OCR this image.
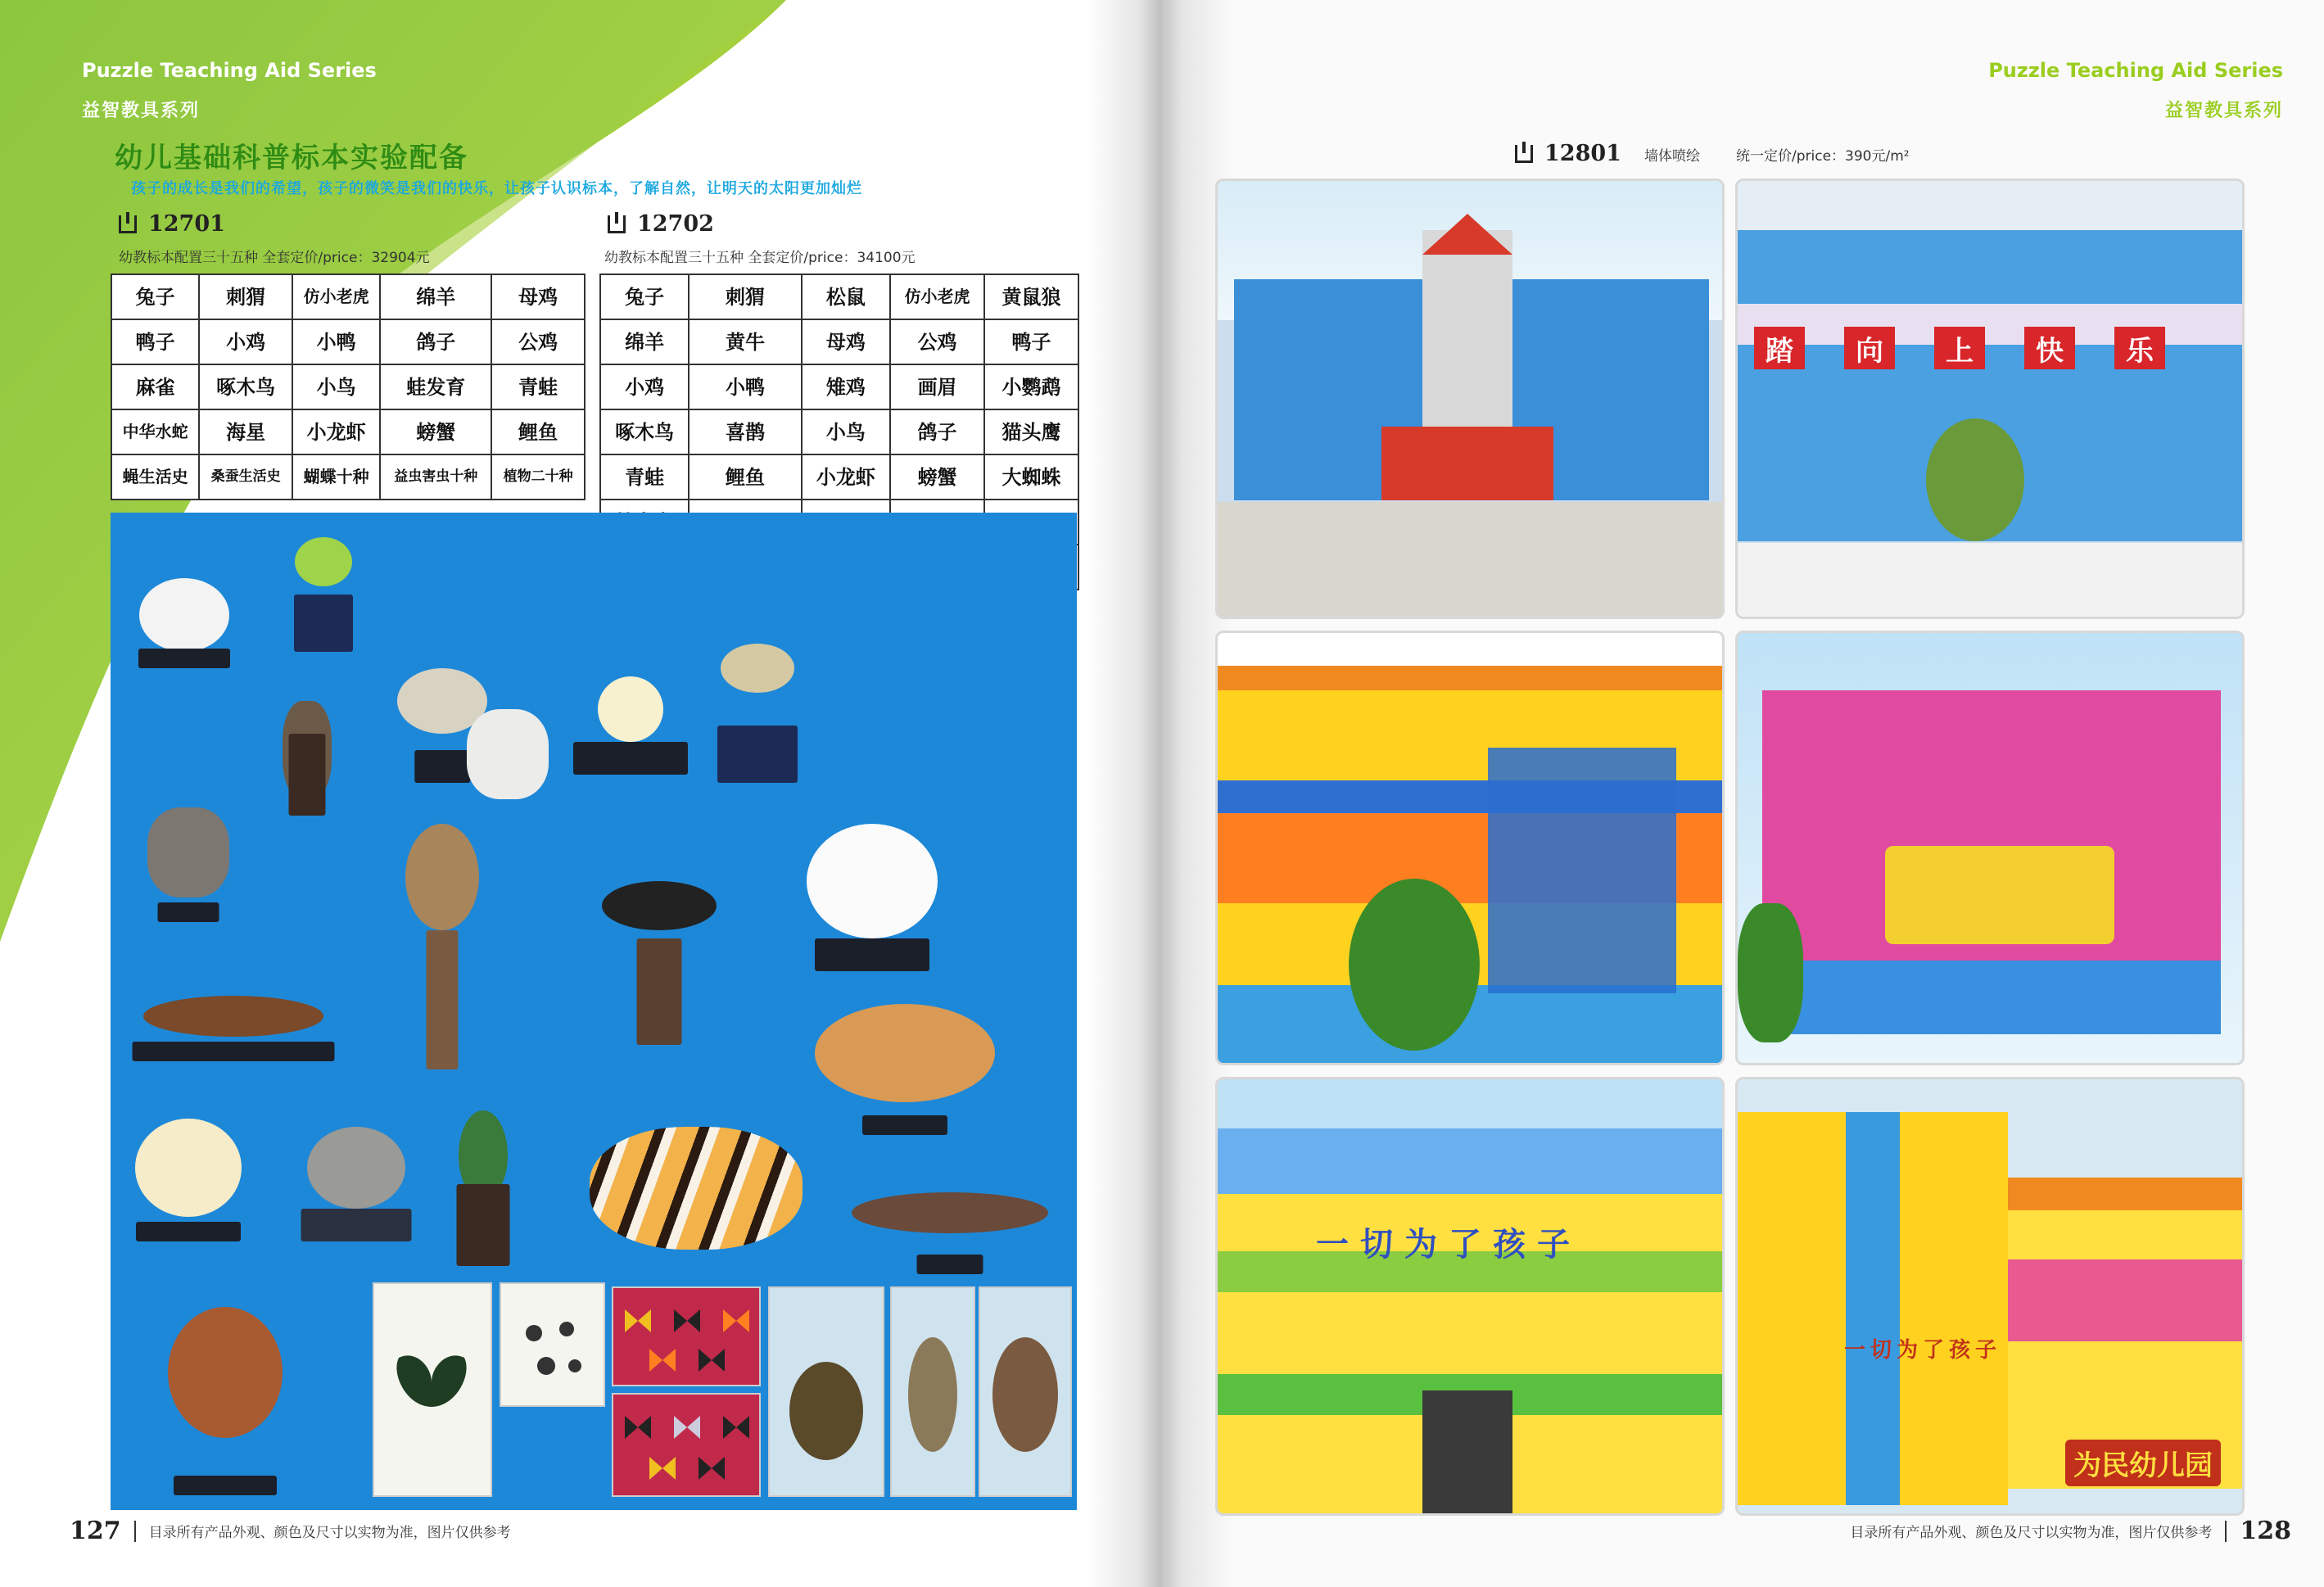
Puzzle Teaching Aid Series
益智教具系列
幼儿基础科普标本实验配备
孩子的成长是我们的希望，孩子的微笑是我们的快乐，让孩子认识标本，了解自然，让明天的太阳更加灿烂
12701
幼教标本配置三十五种 全套定价/price：32904元
兔子	刺猬	仿小老虎	绵羊	母鸡
鸭子	小鸡	小鸭	鸽子	公鸡
麻雀	啄木鸟	小鸟	蛙发育	青蛙
中华水蛇	海星	小龙虾	螃蟹	鲤鱼
蝇生活史	桑蚕生活史	蝴蝶十种	益虫害虫十种	植物二十种
12702
幼教标本配置三十五种 全套定价/price：34100元
兔子	刺猬	松鼠	仿小老虎	黄鼠狼
绵羊	黄牛	母鸡	公鸡	鸭子
小鸡	小鸭	雉鸡	画眉	小鹦鹉
啄木鸟	喜鹊	小鸟	鸽子	猫头鹰
青蛙	鲤鱼	小龙虾	螃蟹	大蜘蛛

127 目录所有产品外观、颜色及尺寸以实物为准，图片仅供参考
Puzzle Teaching Aid Series
益智教具系列
12801 墙体喷绘	统一定价/price：390元/m²
踏	向	上	快	乐
一切为了孩子
一切为了孩子
为民幼儿园
目录所有产品外观、颜色及尺寸以实物为准，图片仅供参考 128
